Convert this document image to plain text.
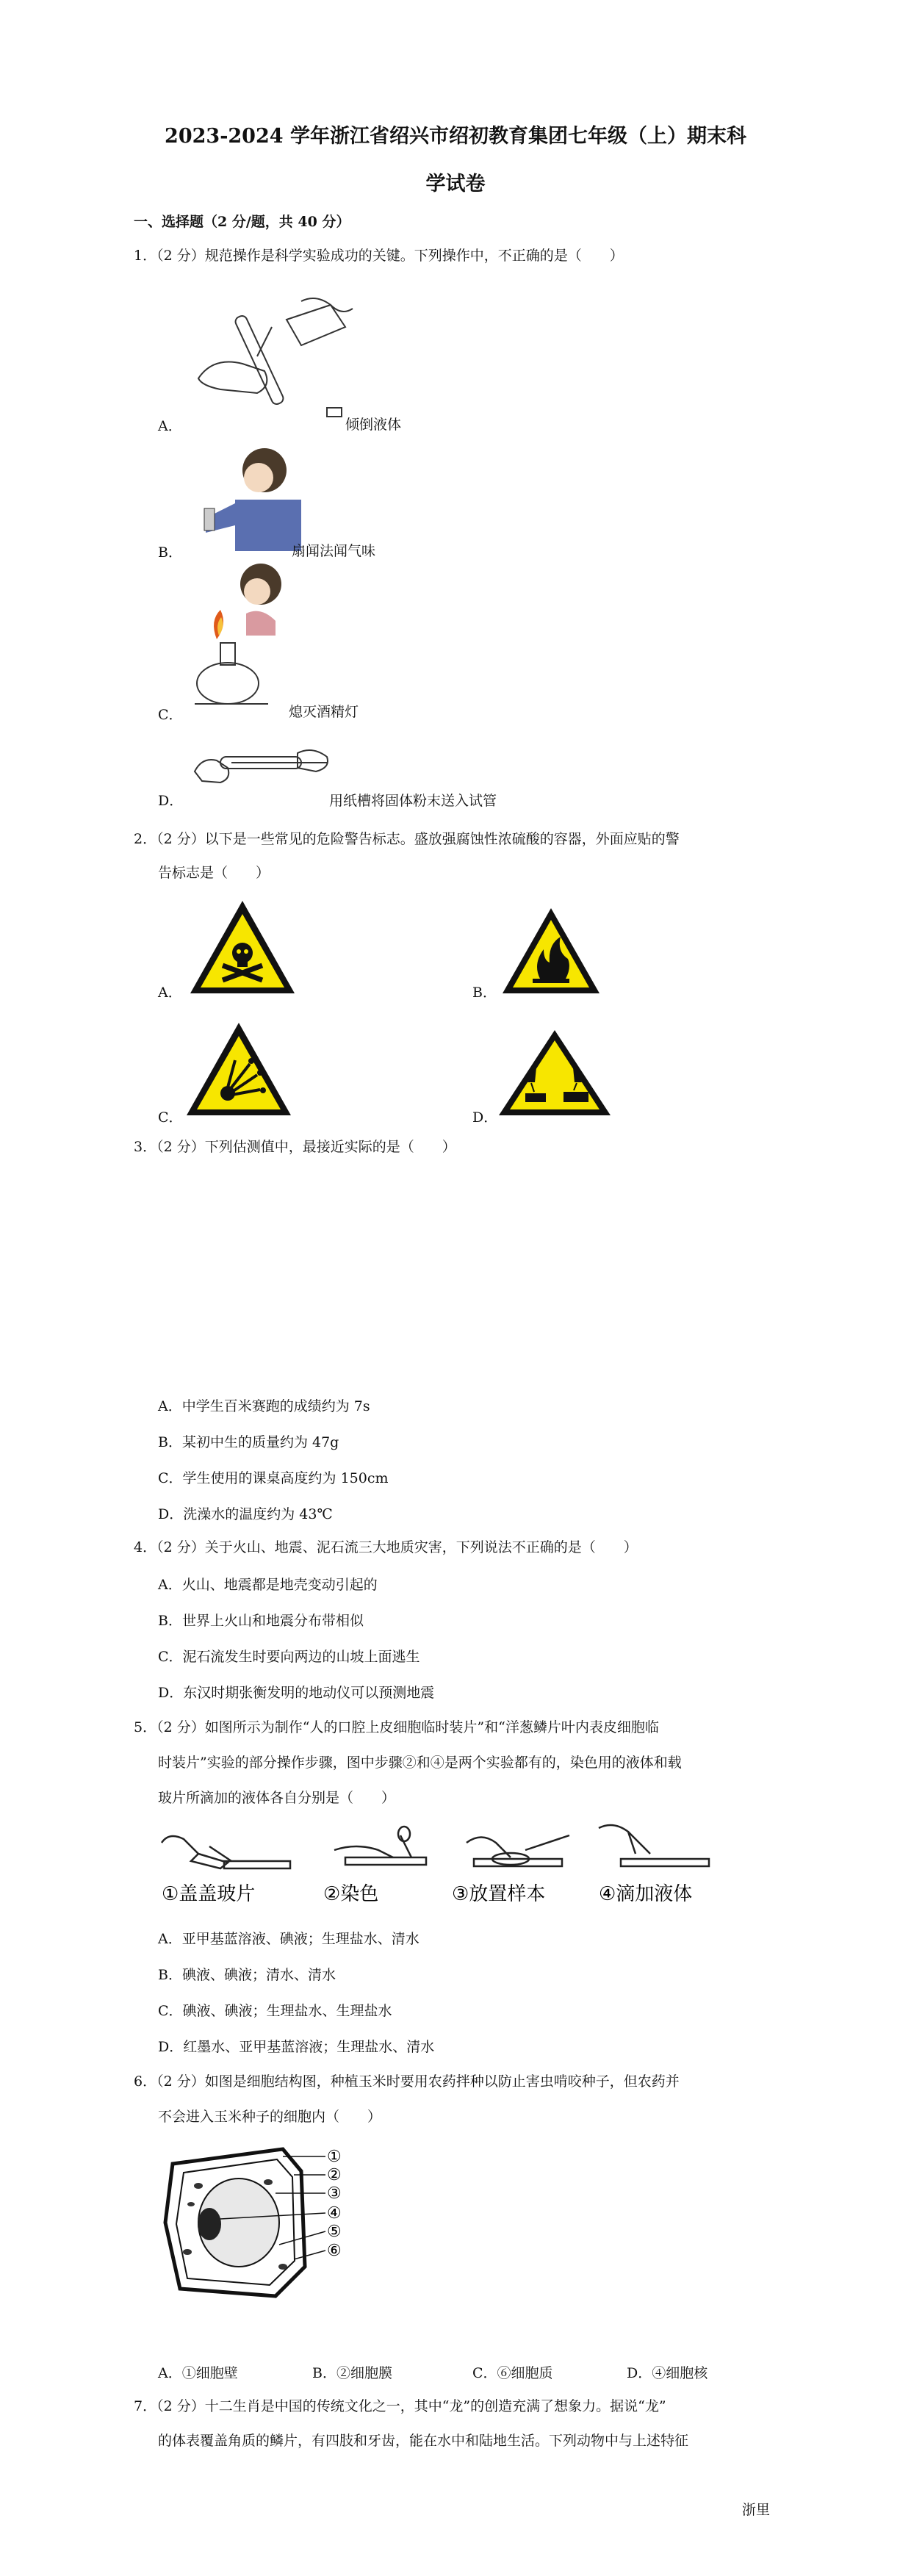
2023-2024 学年浙江省绍兴市绍初教育集团七年级（上）期末科
学试卷
一、选择题（2 分/题，共 40 分）
1．（2 分）规范操作是科学实验成功的关键。下列操作中，不正确的是（　　）
A．	倾倒液体
B．	扇闻法闻气味
C．	熄灭酒精灯
D．	用纸槽将固体粉末送入试管
2．（2 分）以下是一些常见的危险警告标志。盛放强腐蚀性浓硫酸的容器，外面应贴的警
告标志是（　　）
A．	B．
C．	D．
3．（2 分）下列估测值中，最接近实际的是（　　）
A．中学生百米赛跑的成绩约为 7s
B．某初中生的质量约为 47g
C．学生使用的课桌高度约为 150cm
D．洗澡水的温度约为 43℃
4．（2 分）关于火山、地震、泥石流三大地质灾害，下列说法不正确的是（　　）
A．火山、地震都是地壳变动引起的
B．世界上火山和地震分布带相似
C．泥石流发生时要向两边的山坡上面逃生
D．东汉时期张衡发明的地动仪可以预测地震
5．（2 分）如图所示为制作“人的口腔上皮细胞临时装片”和“洋葱鳞片叶内表皮细胞临
时装片”实验的部分操作步骤，图中步骤②和④是两个实验都有的，染色用的液体和载
玻片所滴加的液体各自分别是（　　）
①盖盖玻片	②染色	③放置样本	④滴加液体
A．亚甲基蓝溶液、碘液；生理盐水、清水
B．碘液、碘液；清水、清水
C．碘液、碘液；生理盐水、生理盐水
D．红墨水、亚甲基蓝溶液；生理盐水、清水
6．（2 分）如图是细胞结构图，种植玉米时要用农药拌种以防止害虫啃咬种子，但农药并
不会进入玉米种子的细胞内（　　）
①
②
③
④
⑤
⑥
A．①细胞壁	B．②细胞膜	C．⑥细胞质	D．④细胞核
7．（2 分）十二生肖是中国的传统文化之一，其中“龙”的创造充满了想象力。据说“龙”
的体表覆盖角质的鳞片，有四肢和牙齿，能在水中和陆地生活。下列动物中与上述特征
浙里
